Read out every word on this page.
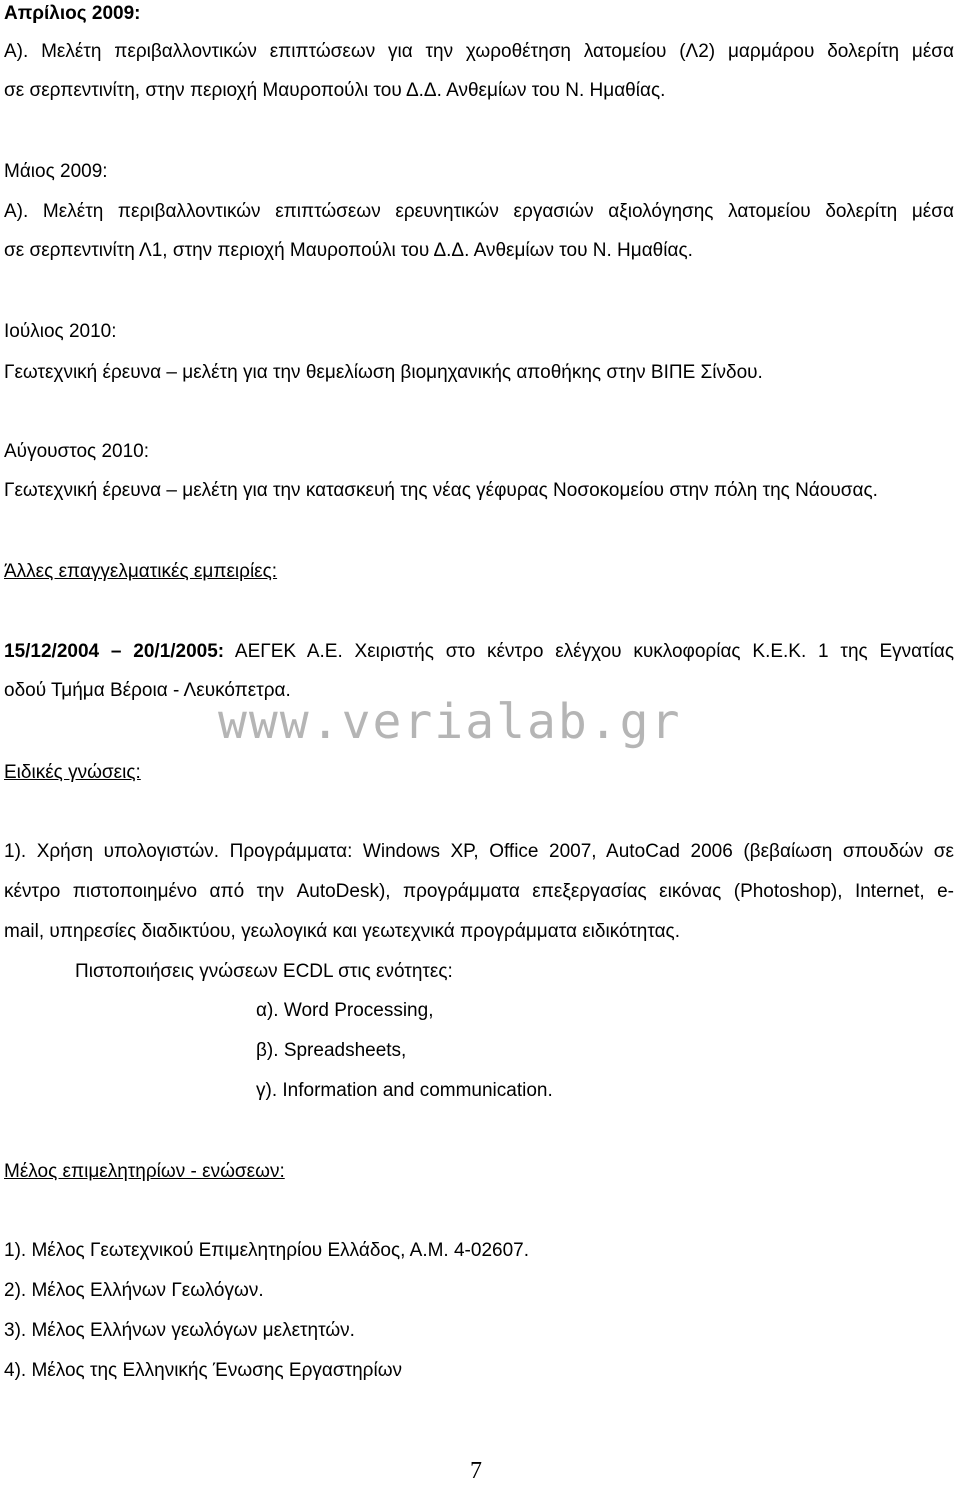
Απρίλιος 2009:
Α). Μελέτη περιβαλλοντικών επιπτώσεων για την χωροθέτηση λατομείου (Λ2) μαρμάρου δολερίτη μέσα
σε σερπεντινίτη, στην περιοχή Μαυροπούλι του Δ.Δ. Ανθεμίων του Ν. Ημαθίας.
Μάιος 2009:
Α). Μελέτη περιβαλλοντικών επιπτώσεων ερευνητικών εργασιών αξιολόγησης λατομείου δολερίτη μέσα
σε σερπεντινίτη Λ1, στην περιοχή Μαυροπούλι του Δ.Δ. Ανθεμίων του Ν. Ημαθίας.
Ιούλιος 2010:
Γεωτεχνική έρευνα – μελέτη για την θεμελίωση βιομηχανικής αποθήκης στην ΒΙΠΕ Σίνδου.
Αύγουστος 2010:
Γεωτεχνική έρευνα – μελέτη για την κατασκευή της νέας γέφυρας Νοσοκομείου στην πόλη της Νάουσας.
Άλλες επαγγελματικές εμπειρίες:
15/12/2004 – 20/1/2005: ΑΕΓΕΚ Α.Ε. Χειριστής στο κέντρο ελέγχου κυκλοφορίας Κ.Ε.Κ. 1 της Εγνατίας
οδού Τμήμα Βέροια - Λευκόπετρα.
www.verialab.gr
Ειδικές γνώσεις:
1). Χρήση υπολογιστών. Προγράμματα: Windows XP, Office 2007, AutoCad 2006 (βεβαίωση σπουδών σε
κέντρο πιστοποιημένο από την AutoDesk), προγράμματα επεξεργασίας εικόνας (Photoshop), Internet, e-
mail, υπηρεσίες διαδικτύου, γεωλογικά και γεωτεχνικά προγράμματα ειδικότητας.
Πιστοποιήσεις γνώσεων ECDL στις ενότητες:
α). Word Processing,
β). Spreadsheets,
γ). Information and communication.
Μέλος επιμελητηρίων - ενώσεων:
1). Μέλος Γεωτεχνικού Επιμελητηρίου Ελλάδος, Α.Μ. 4-02607.
2). Μέλος Ελλήνων Γεωλόγων.
3). Μέλος Ελλήνων γεωλόγων μελετητών.
4). Μέλος της Ελληνικής Ένωσης Εργαστηρίων
7
